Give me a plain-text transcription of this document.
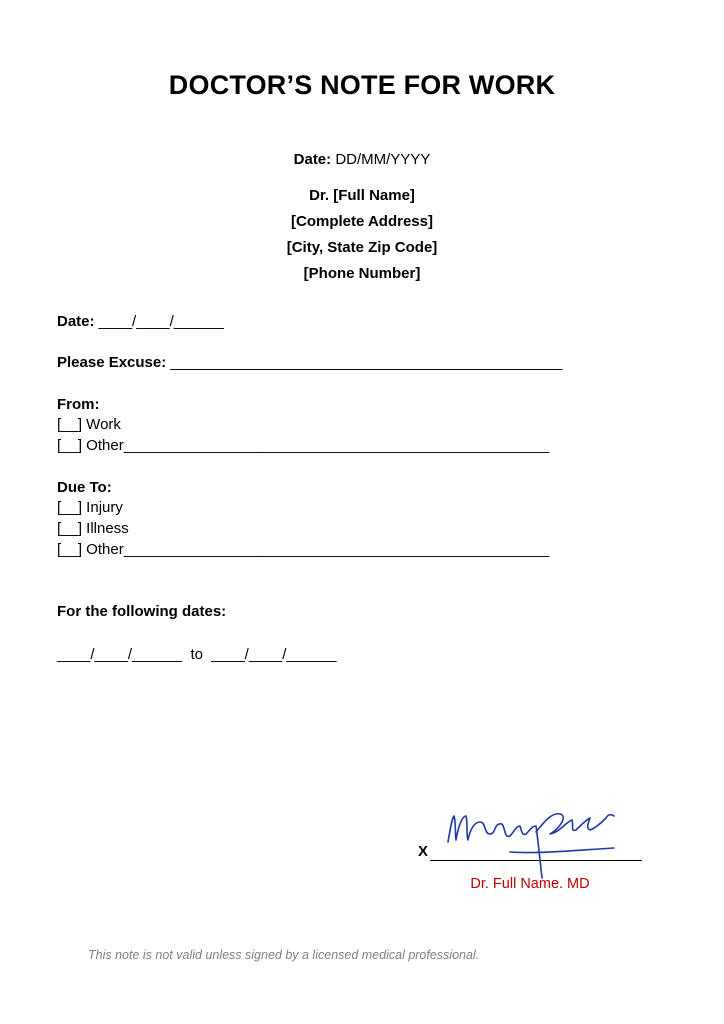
DOCTOR’S NOTE FOR WORK
Date: DD/MM/YYYY
Dr. [Full Name]
[Complete Address]
[City, State Zip Code]
[Phone Number]
Date: ____/____/______
Please Excuse: _______________________________________________
From:
[__] Work
[__] Other___________________________________________________
Due To:
[__] Injury
[__] Illness
[__] Other___________________________________________________
For the following dates:
____/____/______  to  ____/____/______
X
Dr. Full Name. MD
This note is not valid unless signed by a licensed medical professional.
